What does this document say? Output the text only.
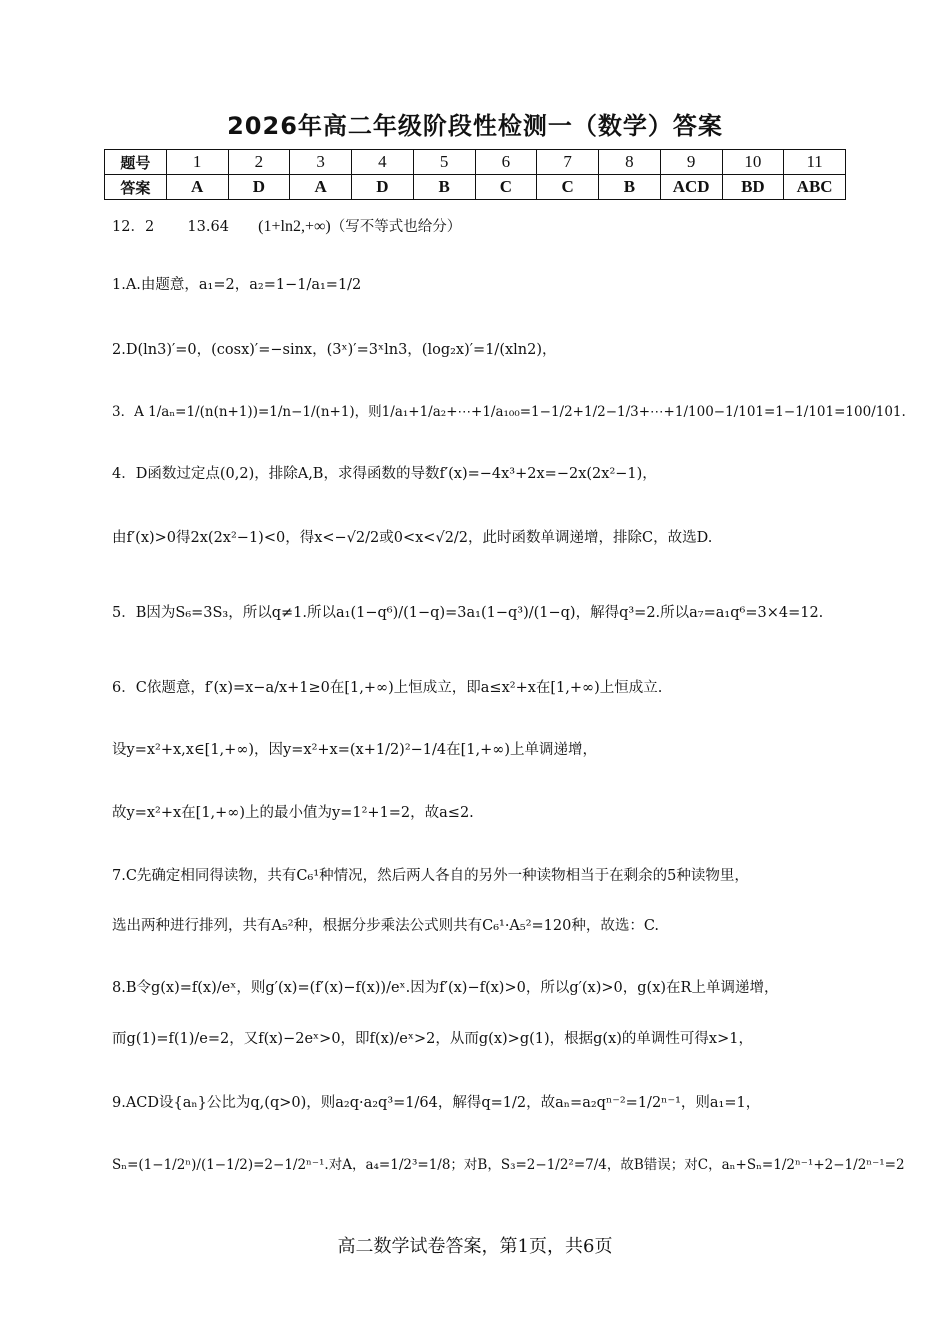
2026年高二年级阶段性检测一（数学）答案
题号	1	2	3	4	5	6	7	8	9	10	11
答案	A	D	A	D	B	C	C	B	ACD	BD	ABC
12．2 13.64 (1+ln2,+∞)（写不等式也给分）
1.A.由题意，a₁=2，a₂=1−1/a₁=1/2
2.D(ln3)′=0，(cosx)′=−sinx，(3ˣ)′=3ˣln3，(log₂x)′=1/(xln2)，
3．A 1/aₙ=1/(n(n+1))=1/n−1/(n+1)，则1/a₁+1/a₂+⋯+1/a₁₀₀=1−1/2+1/2−1/3+⋯+1/100−1/101=1−1/101=100/101.
4．D函数过定点(0,2)，排除A,B，求得函数的导数f′(x)=−4x³+2x=−2x(2x²−1)，
由f′(x)>0得2x(2x²−1)<0，得x<−√2/2或0<x<√2/2，此时函数单调递增，排除C，故选D.
5．B因为S₆=3S₃，所以q≠1.所以a₁(1−q⁶)/(1−q)=3a₁(1−q³)/(1−q)，解得q³=2.所以a₇=a₁q⁶=3×4=12.
6．C依题意，f′(x)=x−a/x+1≥0在[1,+∞)上恒成立，即a≤x²+x在[1,+∞)上恒成立.
设y=x²+x,x∈[1,+∞)，因y=x²+x=(x+1/2)²−1/4在[1,+∞)上单调递增，
故y=x²+x在[1,+∞)上的最小值为y=1²+1=2，故a≤2.
7.C先确定相同得读物，共有C₆¹种情况，然后两人各自的另外一种读物相当于在剩余的5种读物里，
选出两种进行排列，共有A₅²种，根据分步乘法公式则共有C₆¹·A₅²=120种，故选：C.
8.B令g(x)=f(x)/eˣ，则g′(x)=(f′(x)−f(x))/eˣ.因为f′(x)−f(x)>0，所以g′(x)>0，g(x)在R上单调递增，
而g(1)=f(1)/e=2，又f(x)−2eˣ>0，即f(x)/eˣ>2，从而g(x)>g(1)，根据g(x)的单调性可得x>1，
9.ACD设{aₙ}公比为q,(q>0)，则a₂q·a₂q³=1/64，解得q=1/2，故aₙ=a₂qⁿ⁻²=1/2ⁿ⁻¹，则a₁=1，
Sₙ=(1−1/2ⁿ)/(1−1/2)=2−1/2ⁿ⁻¹.对A，a₄=1/2³=1/8；对B，S₃=2−1/2²=7/4，故B错误；对C，aₙ+Sₙ=1/2ⁿ⁻¹+2−1/2ⁿ⁻¹=2
高二数学试卷答案，第1页，共6页
